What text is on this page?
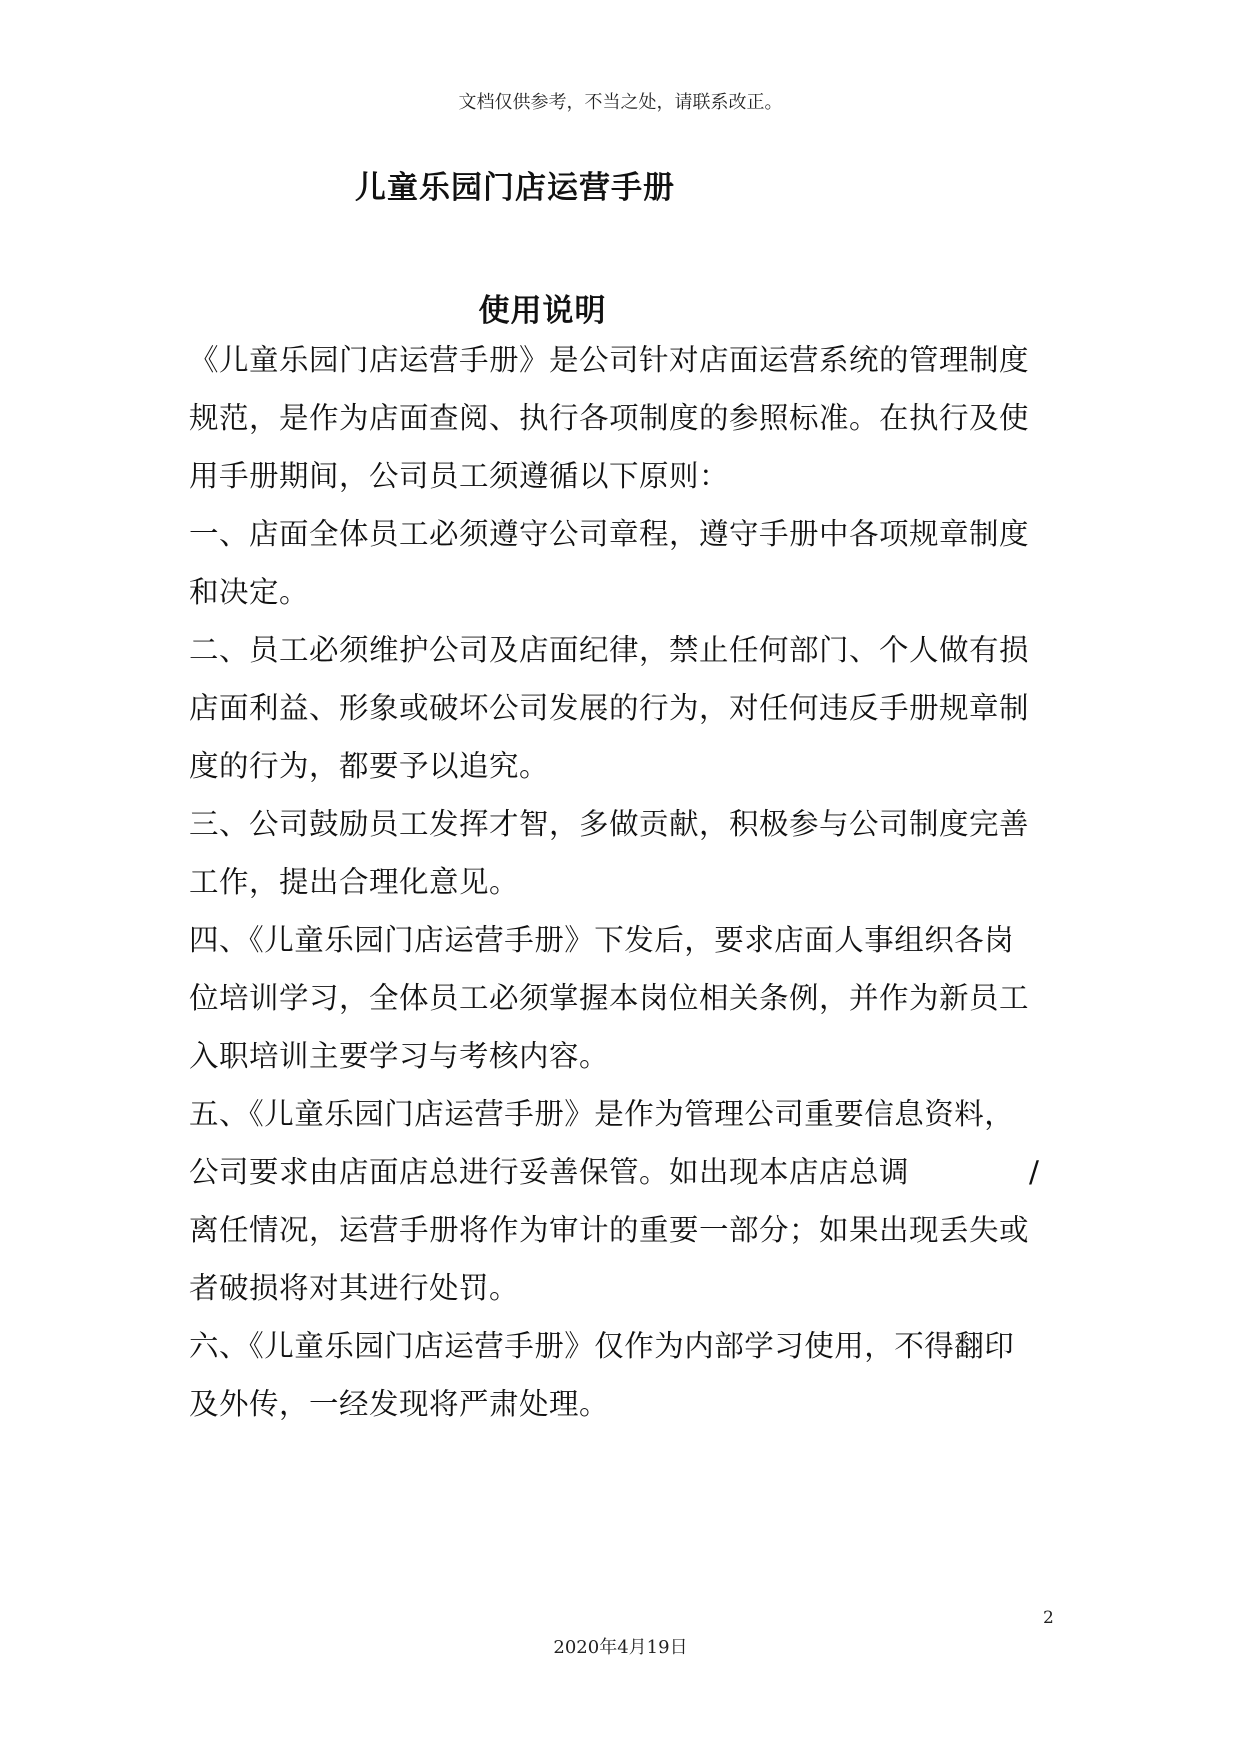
文档仅供参考，不当之处，请联系改正。
儿童乐园门店运营手册
使用说明
《儿童乐园门店运营手册》是公司针对店面运营系统的管理制度
规范，是作为店面查阅、执行各项制度的参照标准。在执行及使
用手册期间，公司员工须遵循以下原则：
一、店面全体员工必须遵守公司章程，遵守手册中各项规章制度
和决定。
二、员工必须维护公司及店面纪律，禁止任何部门、个人做有损
店面利益、形象或破坏公司发展的行为，对任何违反手册规章制
度的行为，都要予以追究。
三、公司鼓励员工发挥才智，多做贡献，积极参与公司制度完善
工作，提出合理化意见。
四、《儿童乐园门店运营手册》下发后，要求店面人事组织各岗
位培训学习，全体员工必须掌握本岗位相关条例，并作为新员工
入职培训主要学习与考核内容。
五、《儿童乐园门店运营手册》是作为管理公司重要信息资料，
公司要求由店面店总进行妥善保管。如出现本店店总调　　　　/
离任情况，运营手册将作为审计的重要一部分；如果出现丢失或
者破损将对其进行处罚。
六、《儿童乐园门店运营手册》仅作为内部学习使用，不得翻印
及外传，一经发现将严肃处理。
2
2020年4月19日
